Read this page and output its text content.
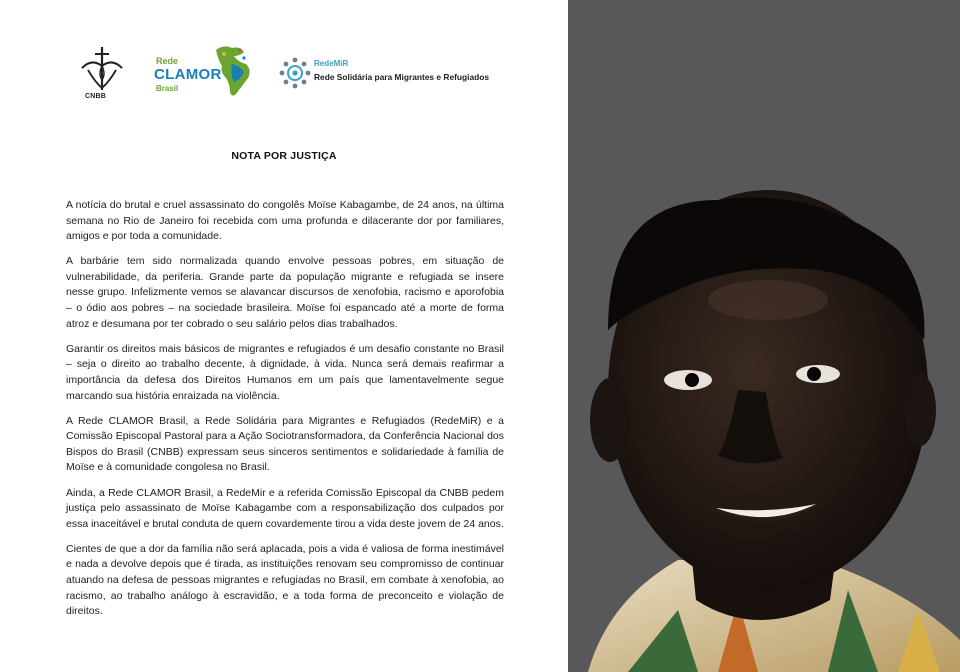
CNBB
Rede
CLAMOR
Brasil
RedeMiR
Rede Solidária para Migrantes e Refugiados
NOTA POR JUSTIÇA

A notícia do brutal e cruel assassinato do congolês Moïse Kabagambe, de 24 anos, na última semana no Rio de Janeiro foi recebida com uma profunda e dilacerante dor por familiares, amigos e por toda a comunidade.

A barbárie tem sido normalizada quando envolve pessoas pobres, em situação de vulnerabilidade, da periferia. Grande parte da população migrante e refugiada se insere nesse grupo. Infelizmente vemos se alavancar discursos de xenofobia, racismo e aporofobia – o ódio aos pobres – na sociedade brasileira. Moïse foi espancado até a morte de forma atroz e desumana por ter cobrado o seu salário pelos dias trabalhados.

Garantir os direitos mais básicos de migrantes e refugiados é um desafio constante no Brasil – seja o direito ao trabalho decente, à dignidade, à vida. Nunca será demais reafirmar a importância da defesa dos Direitos Humanos em um país que lamentavelmente segue marcando sua história enraizada na violência.

A Rede CLAMOR Brasil, a Rede Solidária para Migrantes e Refugiados (RedeMiR) e a Comissão Episcopal Pastoral para a Ação Sociotransformadora, da Conferência Nacional dos Bispos do Brasil (CNBB) expressam seus sinceros sentimentos e solidariedade à família de Moïse e à comunidade congolesa no Brasil.

Ainda, a Rede CLAMOR Brasil, a RedeMir e a referida Comissão Episcopal da CNBB pedem justiça pelo assassinato de Moïse Kabagambe com a responsabilização dos culpados por essa inaceitável e brutal conduta de quem covardemente tirou a vida deste jovem de 24 anos.

Cientes de que a dor da família não será aplacada, pois a vida é valiosa de forma inestimável e nada a devolve depois que é tirada, as instituições renovam seu compromisso de continuar atuando na defesa de pessoas migrantes e refugiadas no Brasil, em combate à xenofobia, ao racismo, ao trabalho análogo à escravidão, e a toda forma de preconceito e violação de direitos.
